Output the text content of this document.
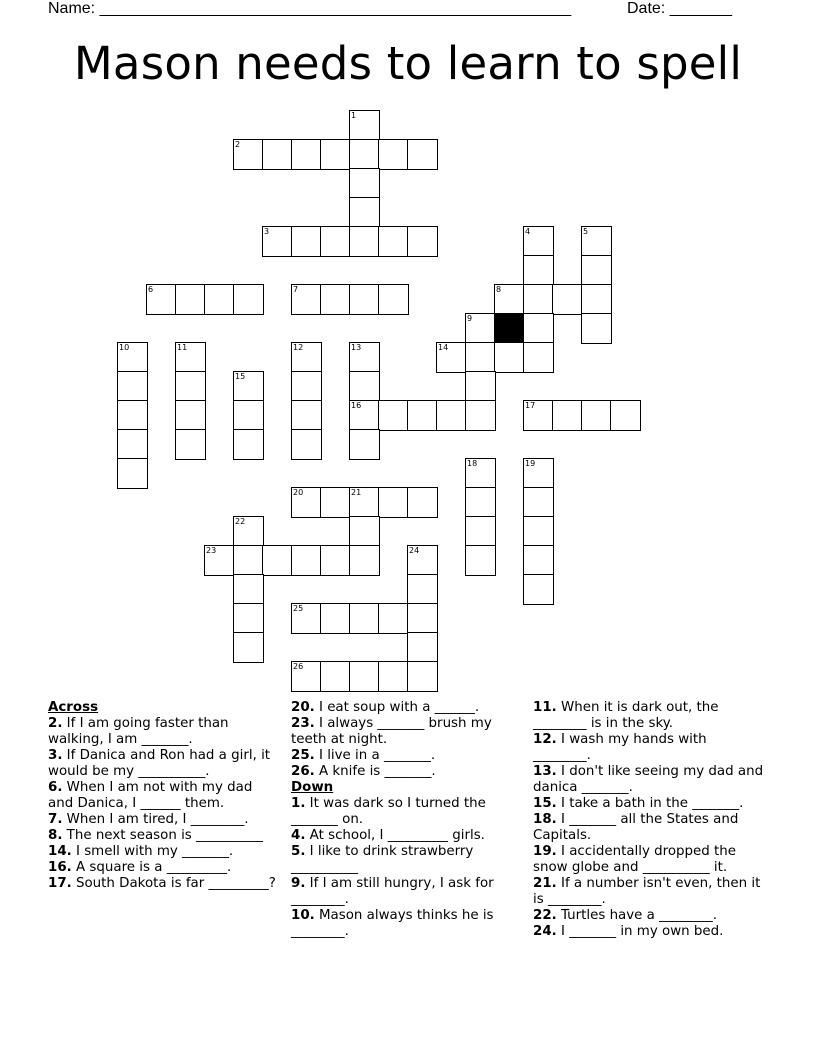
Name: _____________________________________________________	Date: _______
Mason needs to learn to spell
1
2
3	4	5
6	7	8
9
10	11	12	13	14
15
16	17
18	19
20	21
22
23	24
25
26
Across
2. If I am going faster than walking, I am _______.
3. If Danica and Ron had a girl, it would be my __________.
6. When I am not with my dad and Danica, I ______ them.
7. When I am tired, I ________.
8. The next season is __________
14. I smell with my _______.
16. A square is a _________.
17. South Dakota is far _________?
20. I eat soup with a ______.
23. I always _______ brush my teeth at night.
25. I live in a _______.
26. A knife is _______.
Down
1. It was dark so I turned the _______ on.
4. At school, I _________ girls.
5. I like to drink strawberry __________
9. If I am still hungry, I ask for ________.
10. Mason always thinks he is ________.
11. When it is dark out, the ________ is in the sky.
12. I wash my hands with ________.
13. I don't like seeing my dad and danica _______.
15. I take a bath in the _______.
18. I _______ all the States and Capitals.
19. I accidentally dropped the snow globe and __________ it.
21. If a number isn't even, then it is ________.
22. Turtles have a ________.
24. I _______ in my own bed.
